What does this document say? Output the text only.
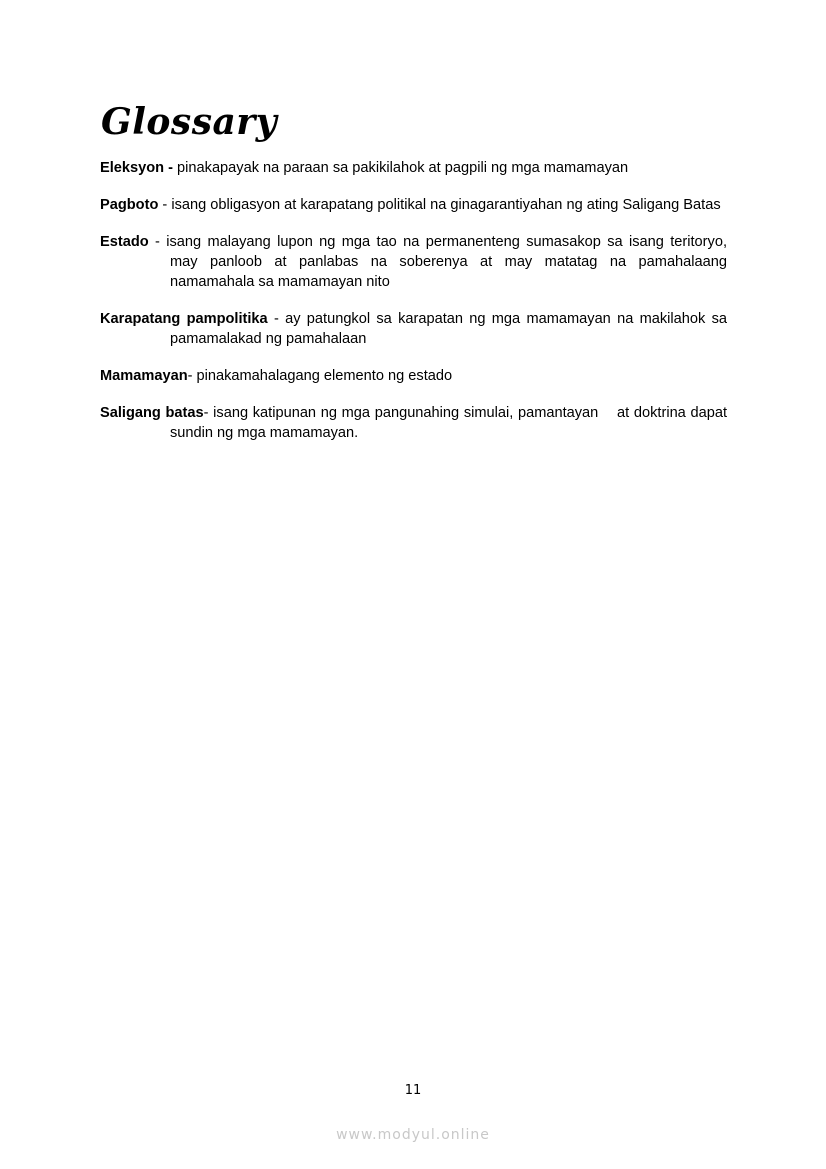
Glossary

Eleksyon - pinakapayak na paraan sa pakikilahok at pagpili ng mga mamamayan

Pagboto - isang obligasyon at karapatang politikal na ginagarantiyahan ng ating Saligang Batas

Estado - isang malayang lupon ng mga tao na permanenteng sumasakop sa isang teritoryo, may panloob at panlabas na soberenya at may matatag na pamahalaang namamahala sa mamamayan nito

Karapatang pampolitika - ay patungkol sa karapatan ng mga mamamayan na makilahok sa pamamalakad ng pamahalaan

Mamamayan- pinakamahalagang elemento ng estado

Saligang batas- isang katipunan ng mga pangunahing simulai, pamantayan    at doktrina dapat sundin ng mga mamamayan.

11
www.modyul.online
